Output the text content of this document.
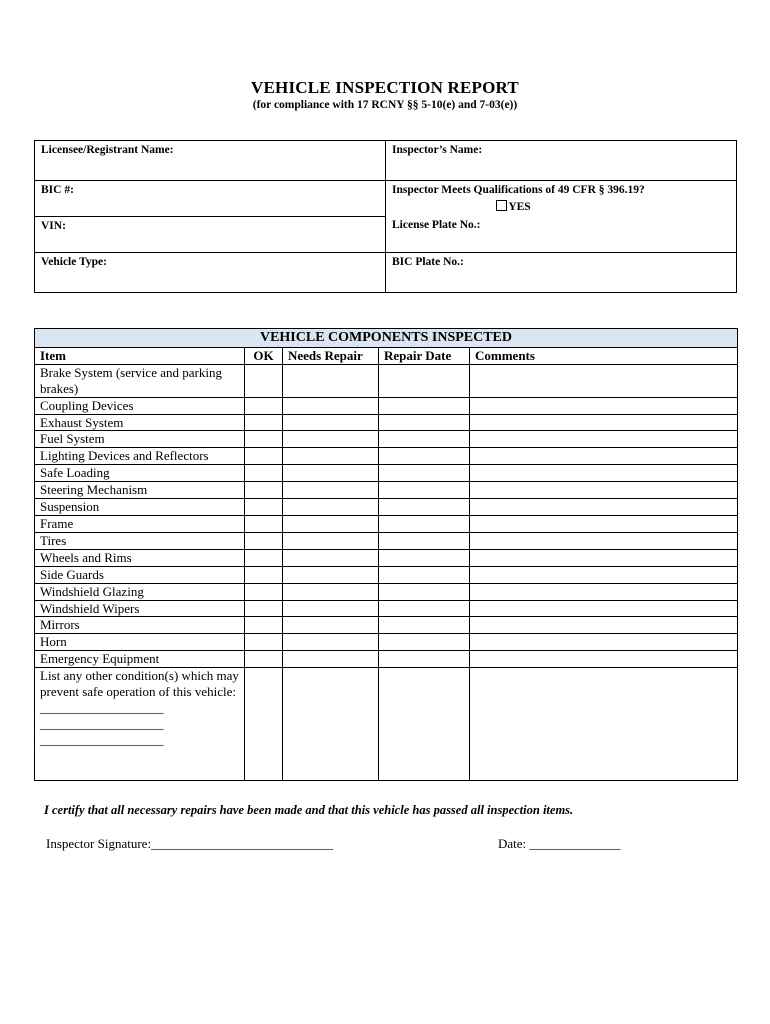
VEHICLE INSPECTION REPORT
(for compliance with 17 RCNY §§ 5-10(e) and 7-03(e))
Licensee/Registrant Name:	Inspector’s Name:
BIC #:	Inspector Meets Qualifications of 49 CFR § 396.19?
YES

VIN:	License Plate No.:
Vehicle Type:	BIC Plate No.:
VEHICLE COMPONENTS INSPECTED				
Item	OK	Needs Repair	Repair Date	Comments
Brake System (service and parking brakes)				
Coupling Devices				
Exhaust System				
Fuel System				
Lighting Devices and Reflectors				
Safe Loading				
Steering Mechanism				
Suspension				
Frame				
Tires				
Wheels and Rims				
Side Guards				
Windshield Glazing				
Windshield Wipers				
Mirrors				
Horn				
Emergency Equipment				
List any other condition(s) which may prevent safe operation of this vehicle:
___________________
___________________
___________________				

I certify that all necessary repairs have been made and that this vehicle has passed all inspection items.
Inspector Signature:____________________________	Date: ______________
